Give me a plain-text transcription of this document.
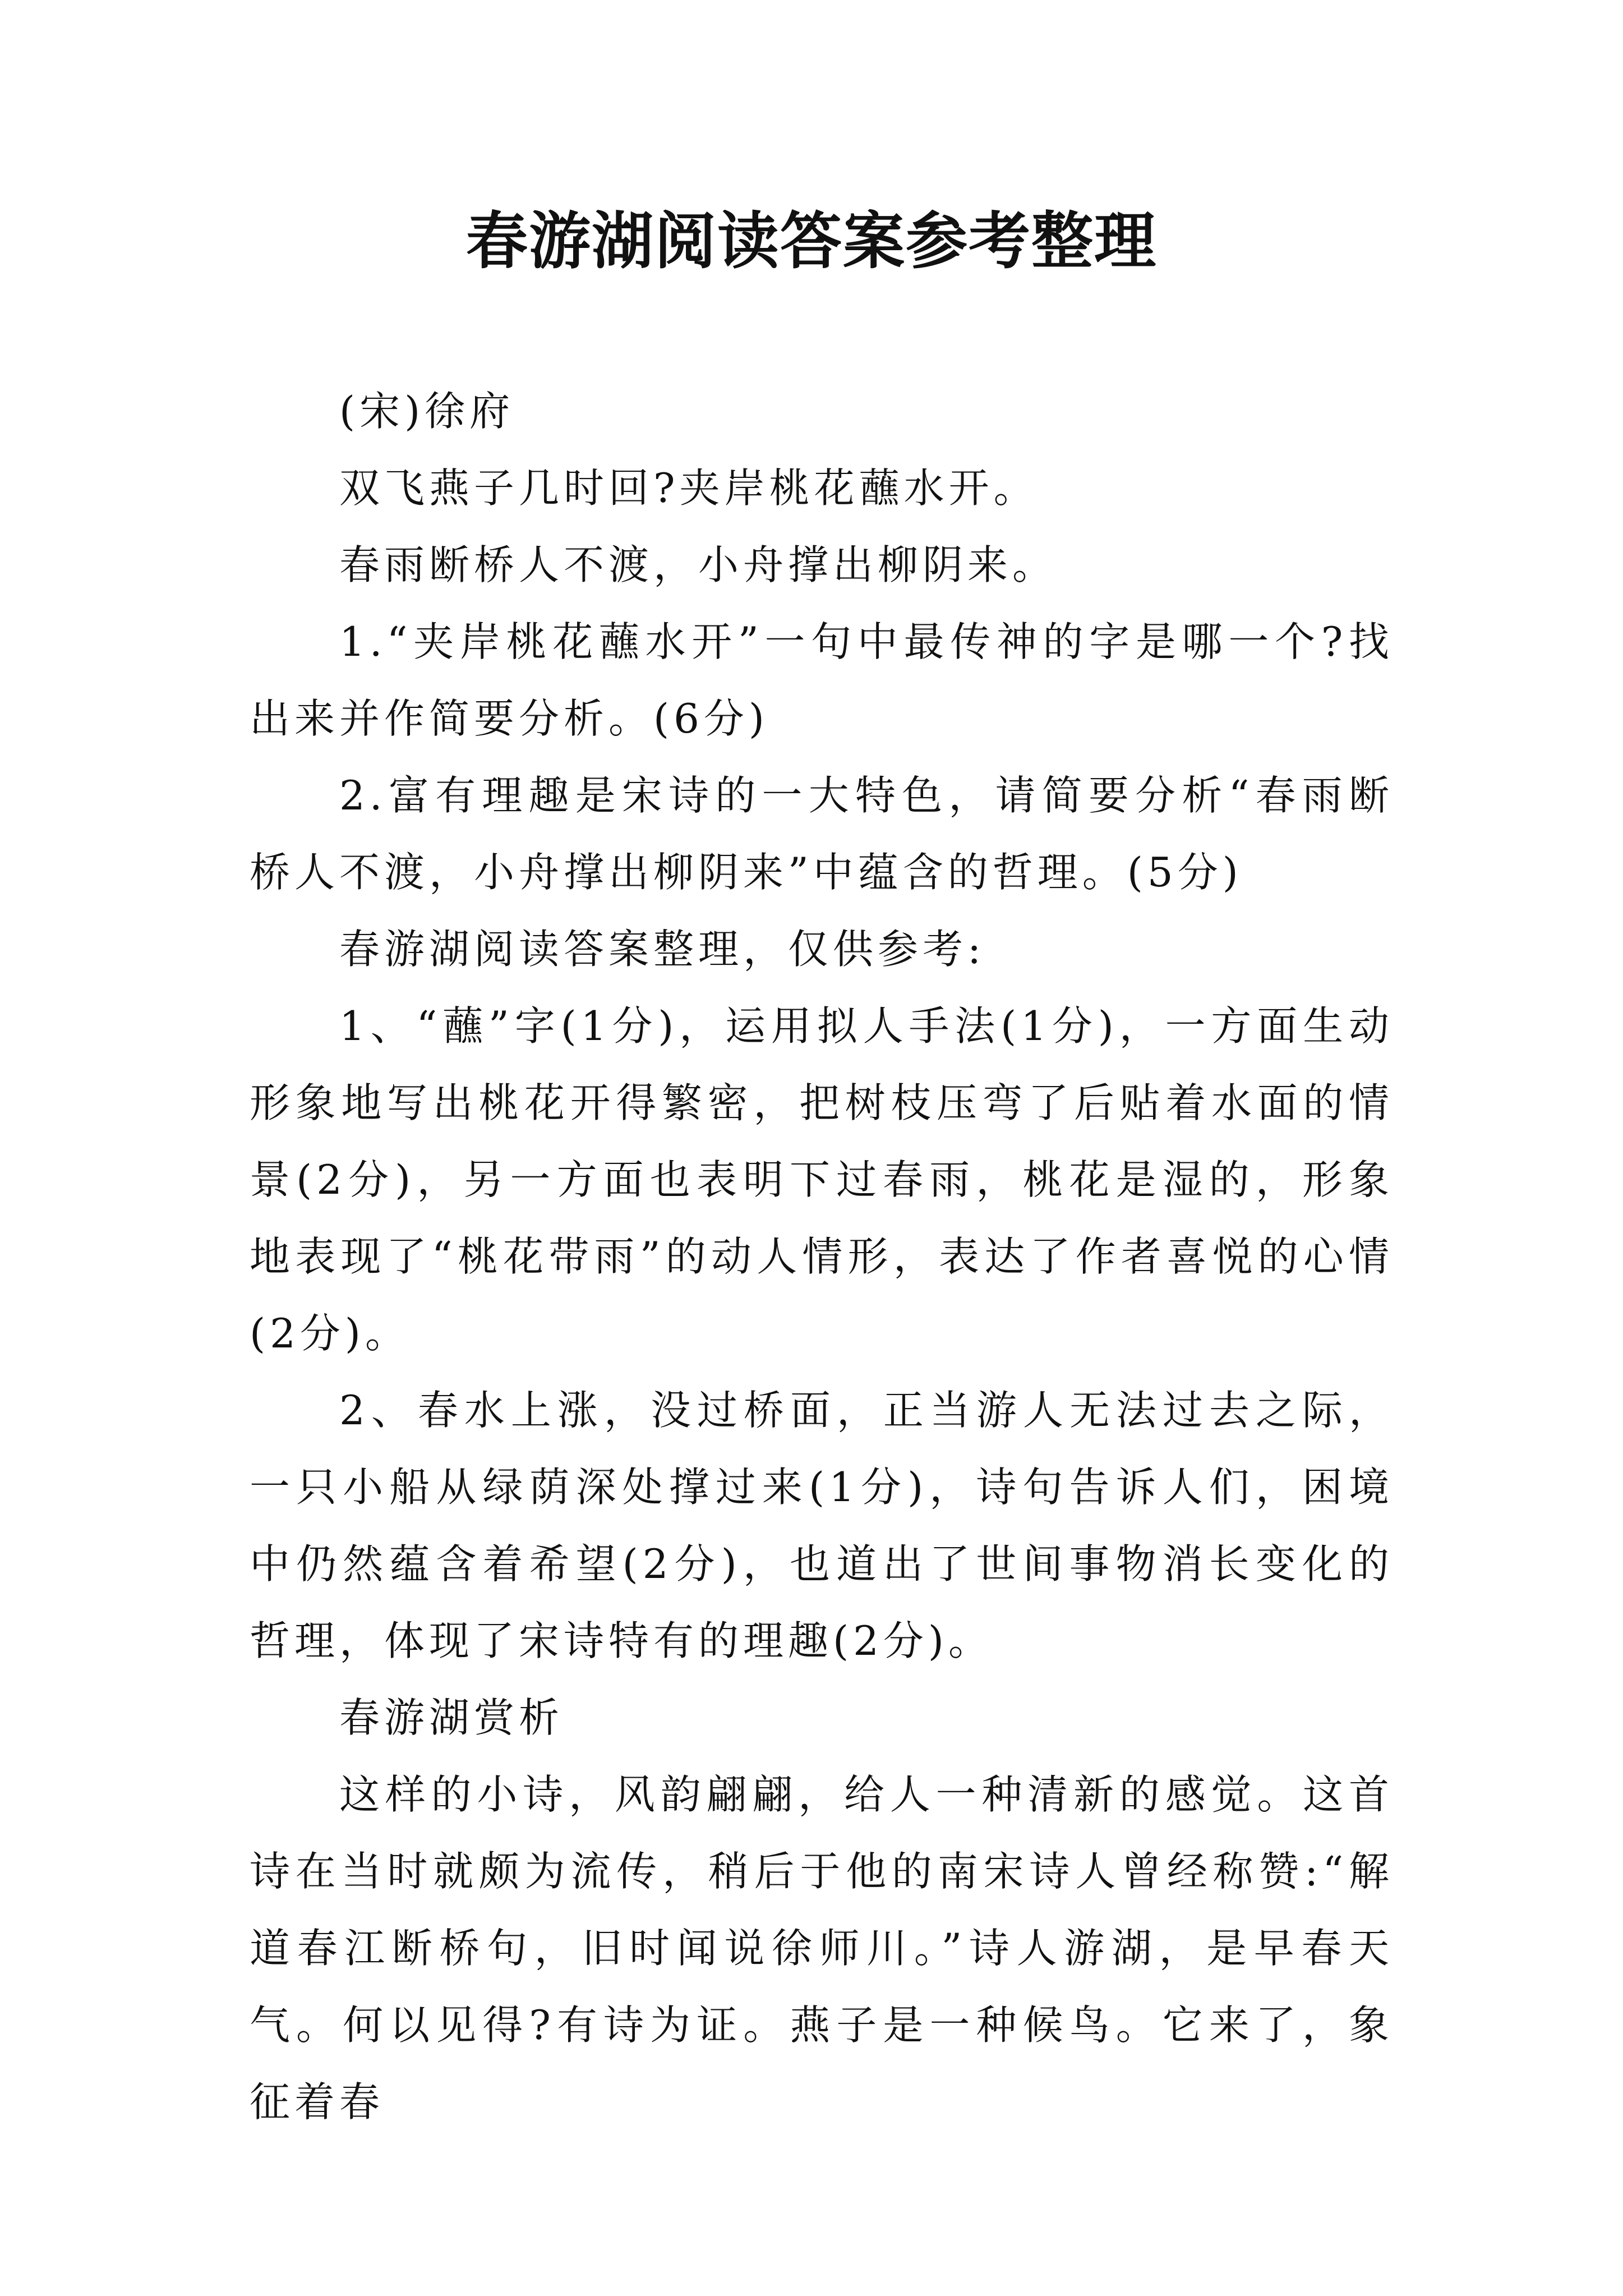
春游湖阅读答案参考整理

(宋)徐府

双飞燕子几时回?夹岸桃花蘸水开。

春雨断桥人不渡，小舟撑出柳阴来。

1.“夹岸桃花蘸水开”一句中最传神的字是哪一个?找出来并作简要分析。(6分)

2.富有理趣是宋诗的一大特色，请简要分析“春雨断桥人不渡，小舟撑出柳阴来”中蕴含的哲理。(5分)

春游湖阅读答案整理，仅供参考:

1、“蘸”字(1分)，运用拟人手法(1分)，一方面生动形象地写出桃花开得繁密，把树枝压弯了后贴着水面的情景(2分)，另一方面也表明下过春雨，桃花是湿的，形象地表现了“桃花带雨”的动人情形，表达了作者喜悦的心情(2分)。

2、春水上涨，没过桥面，正当游人无法过去之际，一只小船从绿荫深处撑过来(1分)，诗句告诉人们，困境中仍然蕴含着希望(2分)，也道出了世间事物消长变化的哲理，体现了宋诗特有的理趣(2分)。

春游湖赏析

这样的小诗，风韵翩翩，给人一种清新的感觉。这首诗在当时就颇为流传，稍后于他的南宋诗人曾经称赞:“解道春江断桥句，旧时闻说徐师川。”诗人游湖，是早春天气。何以见得?有诗为证。燕子是一种候鸟。它来了，象征着春
